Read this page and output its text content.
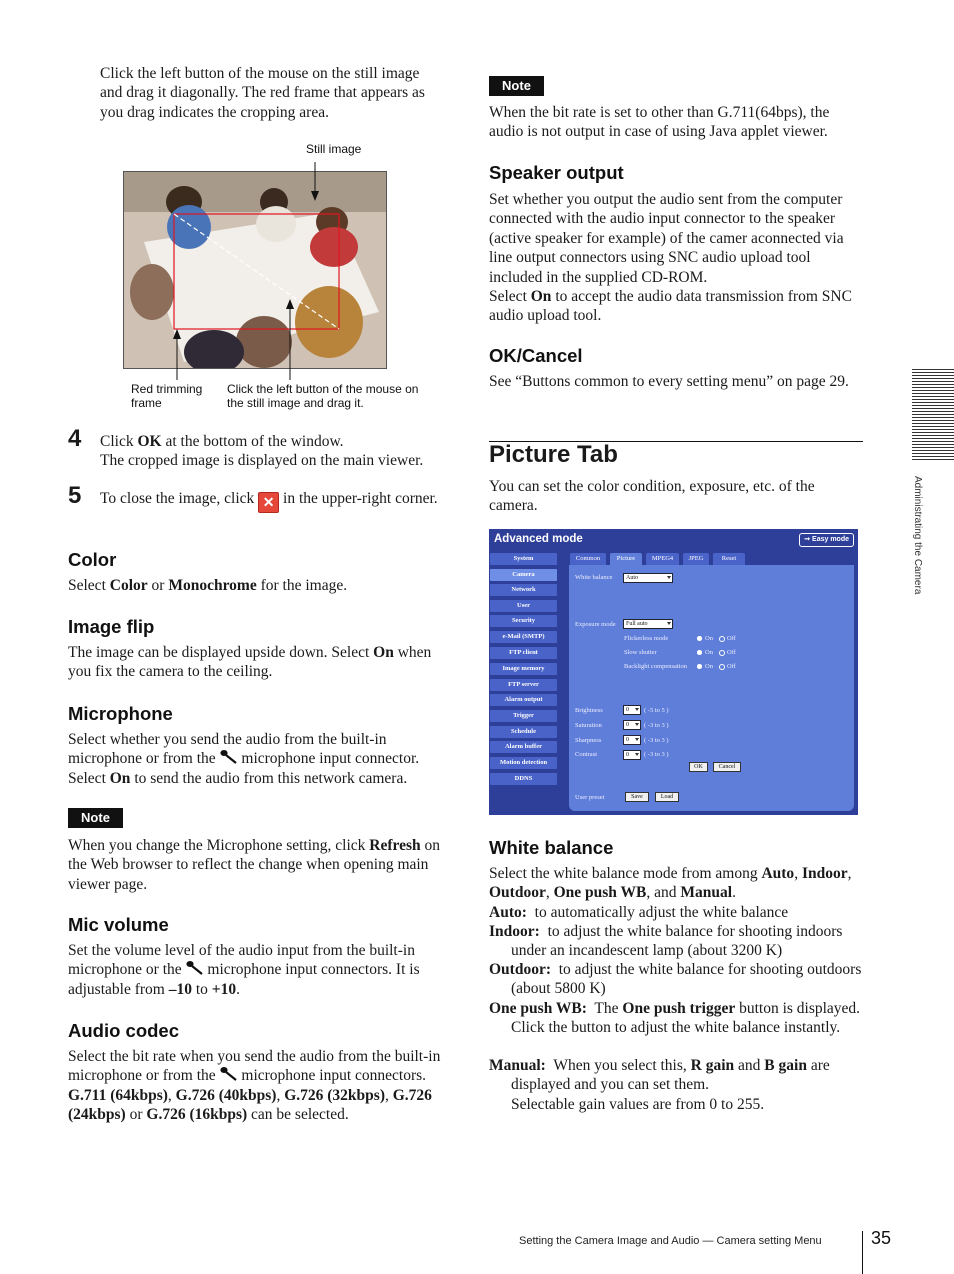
Click the left button of the mouse on the still image and drag it diagonally. The red frame that appears as you drag indicates the cropping area.

Still image
Red trimming frame
Click the left button of the mouse on the still image and drag it.
4 Click OK at the bottom of the window.
The cropped image is displayed on the main viewer.

5 To close the image, click ✕ in the upper-right corner.

Color

Select Color or Monochrome for the image.

Image flip

The image can be displayed upside down. Select On when you fix the camera to the ceiling.

Microphone

Select whether you send the audio from the built-in microphone or from the  microphone input connector. Select On to send the audio from this network camera.

Note

When you change the Microphone setting, click Refresh on the Web browser to reflect the change when opening main viewer page.

Mic volume

Set the volume level of the audio input from the built-in microphone or the  microphone input connectors. It is adjustable from –10 to +10.

Audio codec

Select the bit rate when you send the audio from the built-in microphone or from the  microphone input connectors. G.711 (64kbps), G.726 (40kbps), G.726 (32kbps), G.726 (24kbps) or G.726 (16kbps) can be selected.

Note

When the bit rate is set to other than G.711(64bps), the audio is not output in case of using Java applet viewer.

Speaker output

Set whether you output the audio sent from the computer connected with the audio input connector to the speaker (active speaker for example) of the camer aconnected via line output connectors using SNC audio upload tool included in the supplied CD-ROM.
Select On to accept the audio data transmission from SNC audio upload tool.

OK/Cancel

See “Buttons common to every setting menu” on page 29.

Picture Tab

You can set the color condition, exposure, etc. of the camera.

Advanced mode	➞ Easy mode
System
Camera
Network
User
Security
e-Mail (SMTP)
FTP client
Image memory
FTP server
Alarm output
Trigger
Schedule
Alarm buffer
Motion detection
DDNS
Common	Picture	MPEG4	JPEG	Reset
White balance	Auto
Exposure mode	Full auto
Flickerless mode	On Off
Slow shutter	On Off
Backlight compensation	On Off
Brightness	0	( -5 to 5 )
Saturation	0	( -3 to 3 )
Sharpness	0	( -3 to 3 )
Contrast	0	( -3 to 3 )
OK	Cancel
User preset	Save	Load
White balance

Select the white balance mode from among Auto, Indoor, Outdoor, One push WB, and Manual.

Auto: to automatically adjust the white balance

Indoor: to adjust the white balance for shooting indoors under an incandescent lamp (about 3200 K)

Outdoor: to adjust the white balance for shooting outdoors (about 5800 K)

One push WB: The One push trigger button is displayed. Click the button to adjust the white balance instantly.

Manual: When you select this, R gain and B gain are displayed and you can set them.
Selectable gain values are from 0 to 255.

Administrating the Camera
Setting the Camera Image and Audio — Camera setting Menu	35
